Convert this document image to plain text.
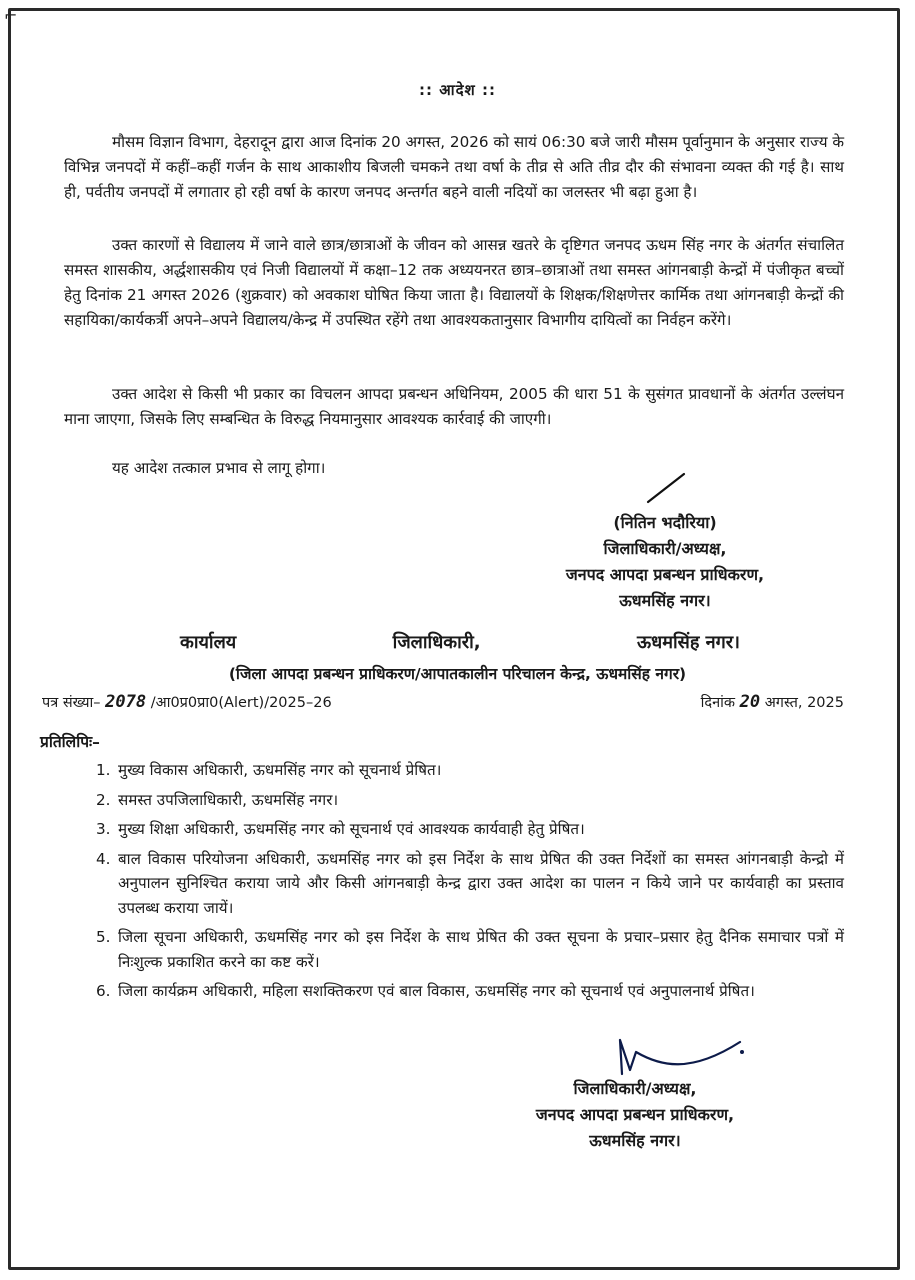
⌐
:: आदेश ::

मौसम विज्ञान विभाग, देहरादून द्वारा आज दिनांक 20 अगस्त, 2026 को सायं 06:30 बजे जारी मौसम पूर्वानुमान के अनुसार राज्य के विभिन्न जनपदों में कहीं–कहीं गर्जन के साथ आकाशीय बिजली चमकने तथा वर्षा के तीव्र से अति तीव्र दौर की संभावना व्यक्त की गई है। साथ ही, पर्वतीय जनपदों में लगातार हो रही वर्षा के कारण जनपद अन्तर्गत बहने वाली नदियों का जलस्तर भी बढ़ा हुआ है।

उक्त कारणों से विद्यालय में जाने वाले छात्र/छात्राओं के जीवन को आसन्न खतरे के दृष्टिगत जनपद ऊधम सिंह नगर के अंतर्गत संचालित समस्त शासकीय, अर्द्धशासकीय एवं निजी विद्यालयों में कक्षा–12 तक अध्ययनरत छात्र–छात्राओं तथा समस्त आंगनबाड़ी केन्द्रों में पंजीकृत बच्चों हेतु दिनांक 21 अगस्त 2026 (शुक्रवार) को अवकाश घोषित किया जाता है। विद्यालयों के शिक्षक/शिक्षणेत्तर कार्मिक तथा आंगनबाड़ी केन्द्रों की सहायिका/कार्यकर्त्री अपने–अपने विद्यालय/केन्द्र में उपस्थित रहेंगे तथा आवश्यकतानुसार विभागीय दायित्वों का निर्वहन करेंगे।

उक्त आदेश से किसी भी प्रकार का विचलन आपदा प्रबन्धन अधिनियम, 2005 की धारा 51 के सुसंगत प्रावधानों के अंतर्गत उल्लंघन माना जाएगा, जिसके लिए सम्बन्धित के विरुद्ध नियमानुसार आवश्यक कार्रवाई की जाएगी।

यह आदेश तत्काल प्रभाव से लागू होगा।

(नितिन भदौरिया)
जिलाधिकारी/अध्यक्ष,
जनपद आपदा प्रबन्धन प्राधिकरण,
ऊधमसिंह नगर।
कार्यालय	जिलाधिकारी,	ऊधमसिंह नगर।
(जिला आपदा प्रबन्धन प्राधिकरण/आपातकालीन परिचालन केन्द्र, ऊधमसिंह नगर)
पत्र संख्या– 2078 /आ0प्र0प्रा0(Alert)/2025–26	दिनांक 20 अगस्त, 2025
प्रतिलिपिः–
1. मुख्य विकास अधिकारी, ऊधमसिंह नगर को सूचनार्थ प्रेषित।
2. समस्त उपजिलाधिकारी, ऊधमसिंह नगर।
3. मुख्य शिक्षा अधिकारी, ऊधमसिंह नगर को सूचनार्थ एवं आवश्यक कार्यवाही हेतु प्रेषित।
4. बाल विकास परियोजना अधिकारी, ऊधमसिंह नगर को इस निर्देश के साथ प्रेषित की उक्त निर्देशों का समस्त आंगनबाड़ी केन्द्रो में अनुपालन सुनिश्चित कराया जाये और किसी आंगनबाड़ी केन्द्र द्वारा उक्त आदेश का पालन न किये जाने पर कार्यवाही का प्रस्ताव उपलब्ध कराया जायें।
5. जिला सूचना अधिकारी, ऊधमसिंह नगर को इस निर्देश के साथ प्रेषित की उक्त सूचना के प्रचार–प्रसार हेतु दैनिक समाचार पत्रों में निःशुल्क प्रकाशित करने का कष्ट करें।
6. जिला कार्यक्रम अधिकारी, महिला सशक्तिकरण एवं बाल विकास, ऊधमसिंह नगर को सूचनार्थ एवं अनुपालनार्थ प्रेषित।
जिलाधिकारी/अध्यक्ष,
जनपद आपदा प्रबन्धन प्राधिकरण,
ऊधमसिंह नगर।
